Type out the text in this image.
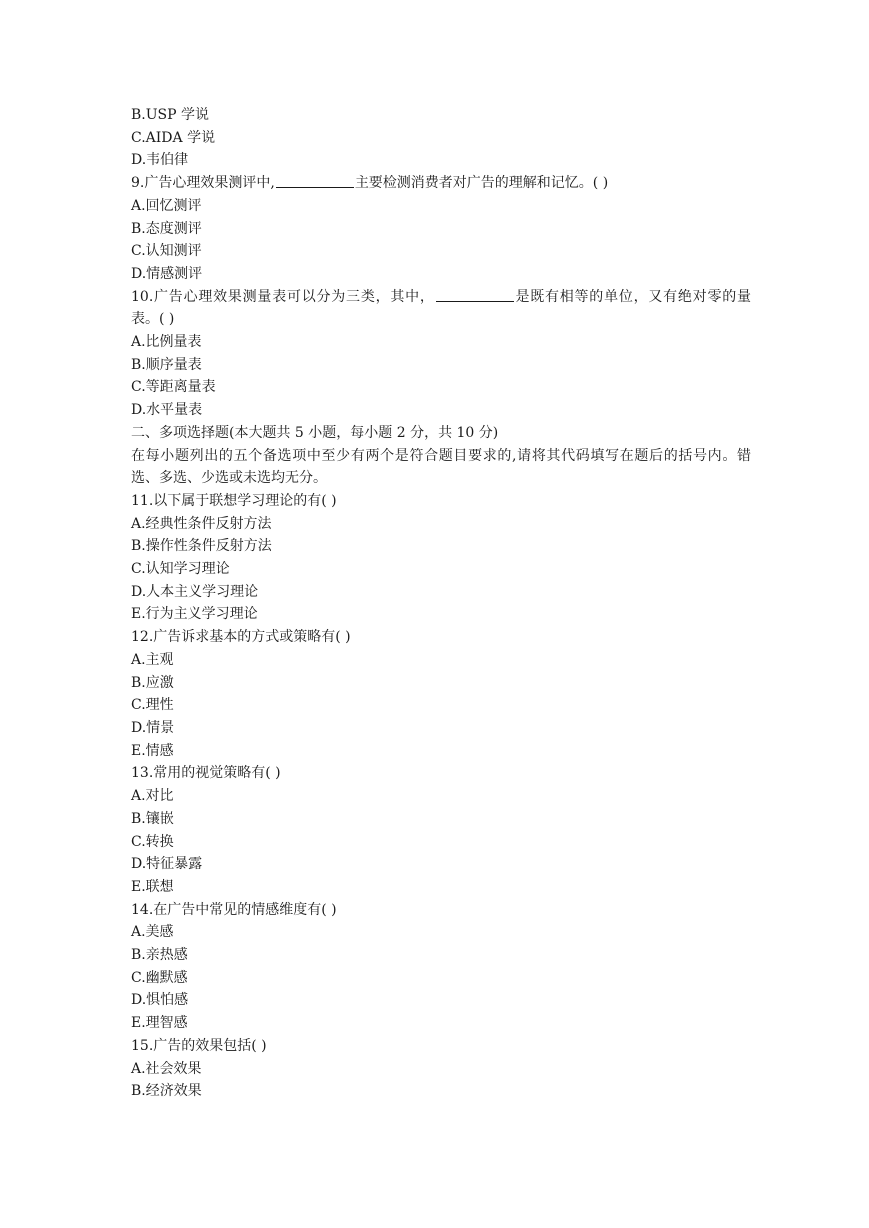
B.USP 学说
C.AIDA 学说
D.韦伯律
9.广告心理效果测评中,	主要检测消费者对广告的理解和记忆。( )
A.回忆测评
B.态度测评
C.认知测评
D.情感测评
10.广告心理效果测量表可以分为三类，其中，	是既有相等的单位，又有绝对零的量表。( )
A.比例量表
B.顺序量表
C.等距离量表
D.水平量表
二、多项选择题(本大题共 5 小题，每小题 2 分，共 10 分)
在每小题列出的五个备选项中至少有两个是符合题目要求的,请将其代码填写在题后的括号内。错选、多选、少选或未选均无分。
11.以下属于联想学习理论的有( )
A.经典性条件反射方法
B.操作性条件反射方法
C.认知学习理论
D.人本主义学习理论
E.行为主义学习理论
12.广告诉求基本的方式或策略有( )
A.主观
B.应激
C.理性
D.情景
E.情感
13.常用的视觉策略有( )
A.对比
B.镶嵌
C.转换
D.特征暴露
E.联想
14.在广告中常见的情感维度有( )
A.美感
B.亲热感
C.幽默感
D.惧怕感
E.理智感
15.广告的效果包括( )
A.社会效果
B.经济效果
